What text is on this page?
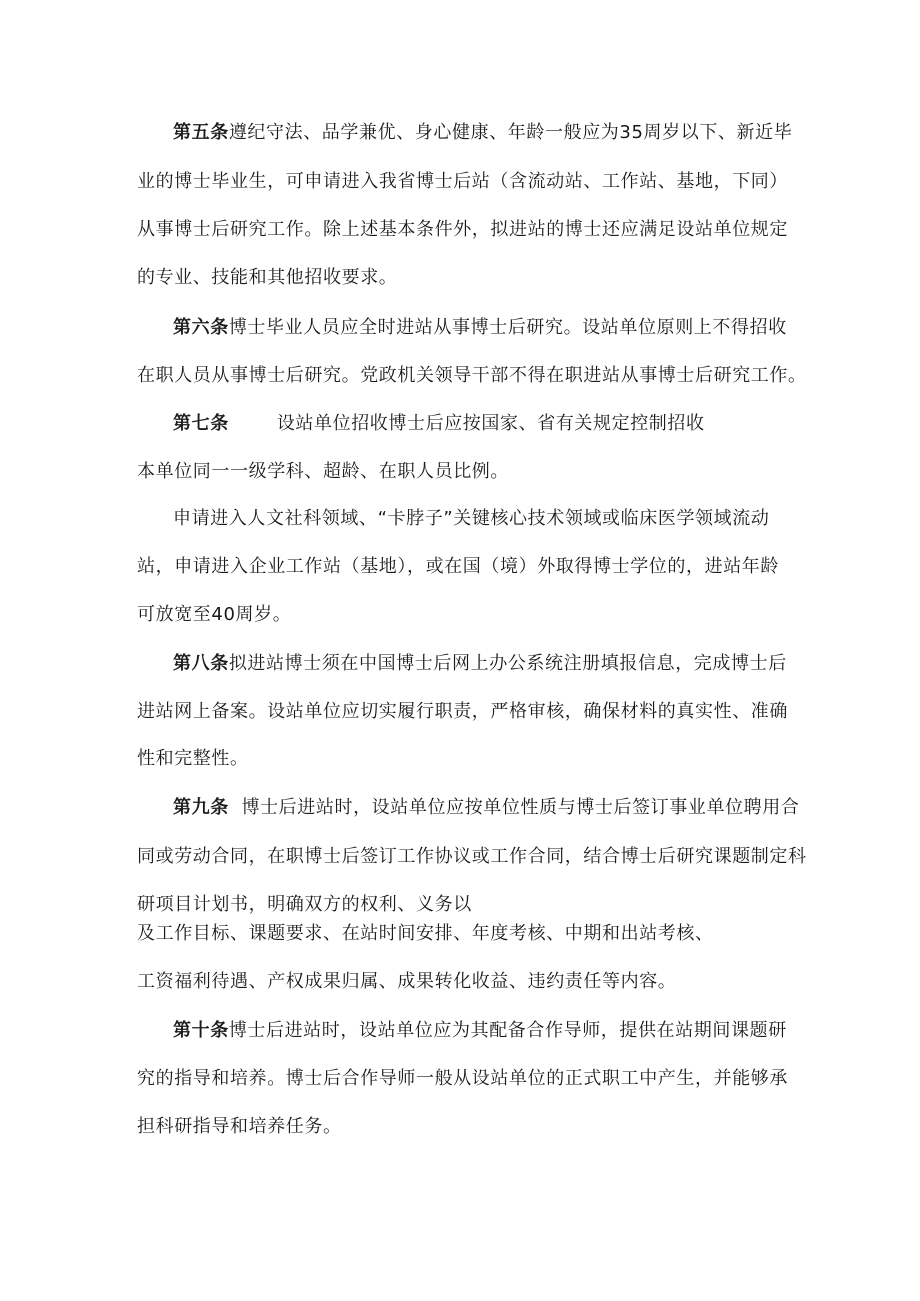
第五条遵纪守法、品学兼优、身心健康、年龄一般应为35周岁以下、新近毕
业的博士毕业生，可申请进入我省博士后站（含流动站、工作站、基地，下同）
从事博士后研究工作。除上述基本条件外，拟进站的博士还应满足设站单位规定
的专业、技能和其他招收要求。
第六条博士毕业人员应全时进站从事博士后研究。设站单位原则上不得招收
在职人员从事博士后研究。党政机关领导干部不得在职进站从事博士后研究工作。
第七条	设站单位招收博士后应按国家、省有关规定控制招收
本单位同一一级学科、超龄、在职人员比例。
申请进入人文社科领域、“卡脖子”关键核心技术领域或临床医学领域流动
站，申请进入企业工作站（基地），或在国（境）外取得博士学位的，进站年龄
可放宽至40周岁。
第八条拟进站博士须在中国博士后网上办公系统注册填报信息，完成博士后
进站网上备案。设站单位应切实履行职责，严格审核，确保材料的真实性、准确
性和完整性。
第九条 博士后进站时，设站单位应按单位性质与博士后签订事业单位聘用合
同或劳动合同，在职博士后签订工作协议或工作合同，结合博士后研究课题制定科
研项目计划书，明确双方的权利、义务以
及工作目标、课题要求、在站时间安排、年度考核、中期和出站考核、
工资福利待遇、产权成果归属、成果转化收益、违约责任等内容。
第十条博士后进站时，设站单位应为其配备合作导师，提供在站期间课题研
究的指导和培养。博士后合作导师一般从设站单位的正式职工中产生，并能够承
担科研指导和培养任务。
